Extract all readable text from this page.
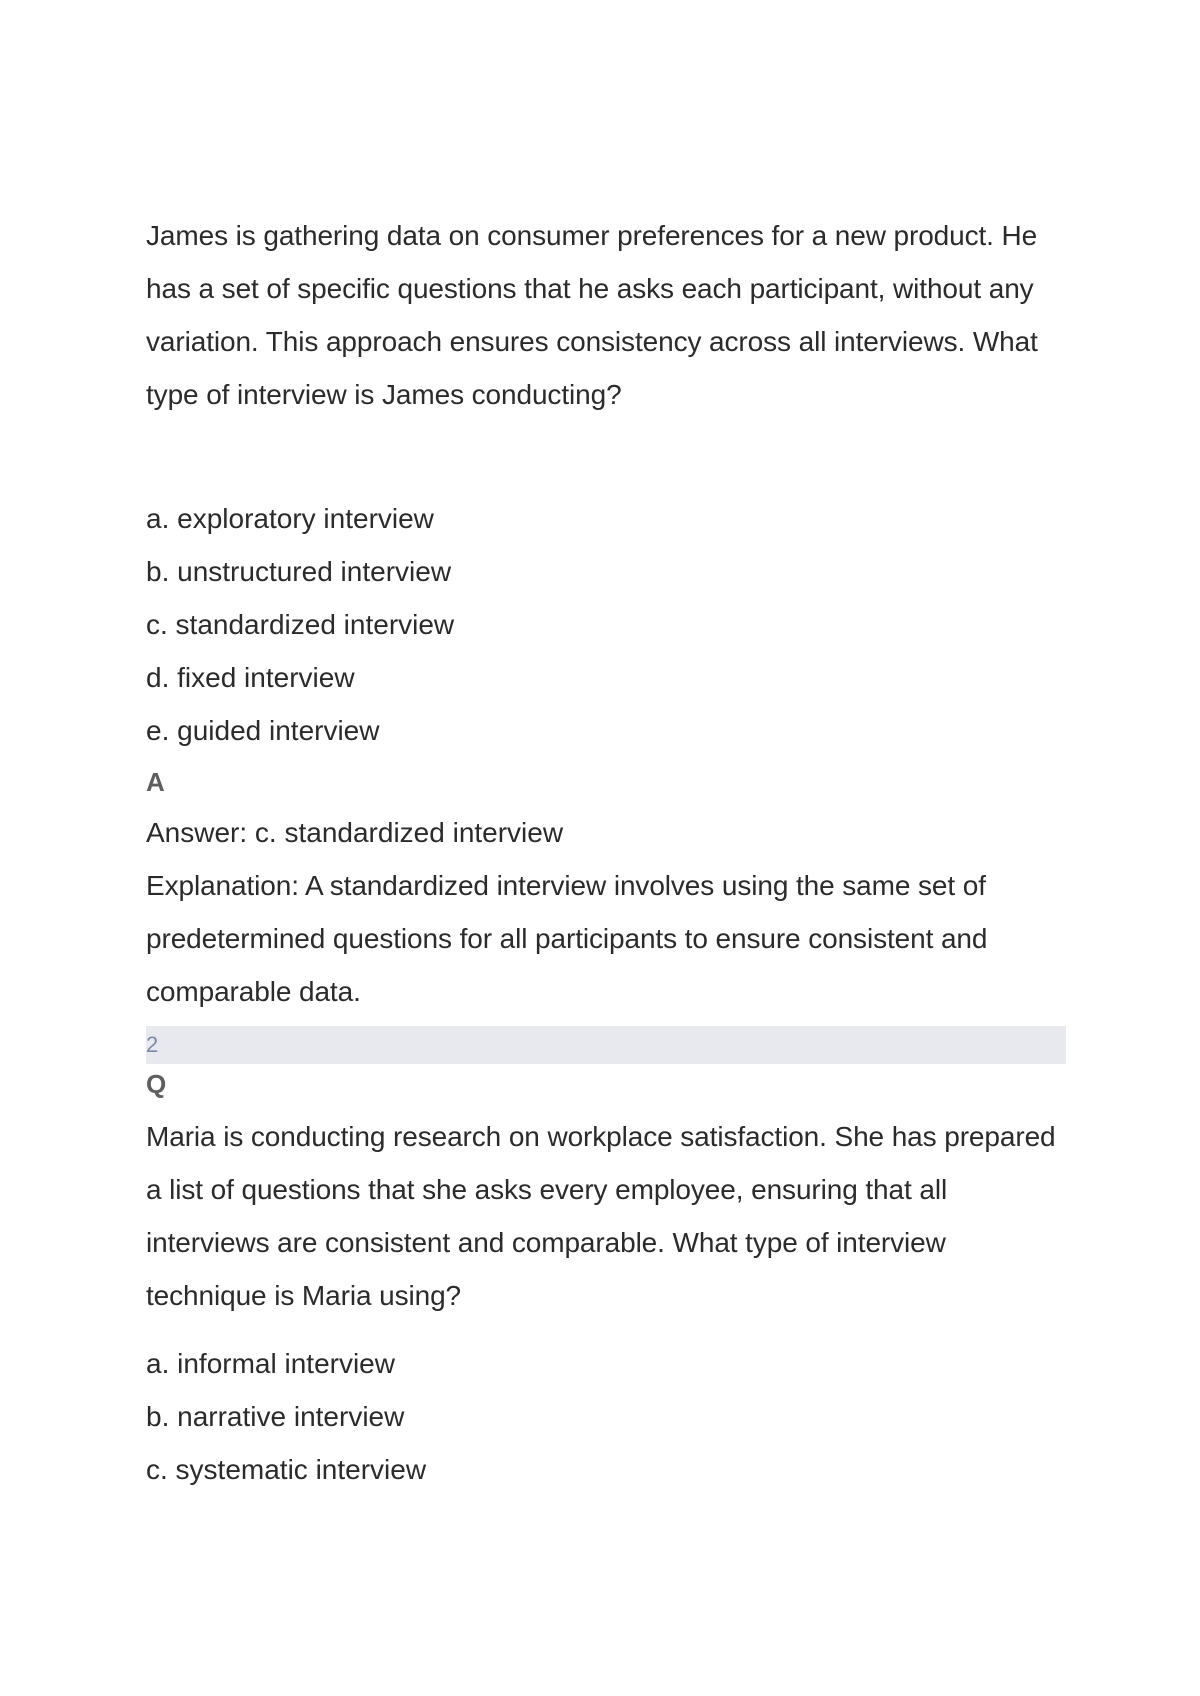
James is gathering data on consumer preferences for a new product. He has a set of specific questions that he asks each participant, without any variation. This approach ensures consistency across all interviews. What type of interview is James conducting?

a. exploratory interview

b. unstructured interview

c. standardized interview

d. fixed interview

e. guided interview

A

Answer: c. standardized interview

Explanation: A standardized interview involves using the same set of predetermined questions for all participants to ensure consistent and comparable data.

2
Q

Maria is conducting research on workplace satisfaction. She has prepared a list of questions that she asks every employee, ensuring that all interviews are consistent and comparable. What type of interview technique is Maria using?

a. informal interview

b. narrative interview

c. systematic interview
